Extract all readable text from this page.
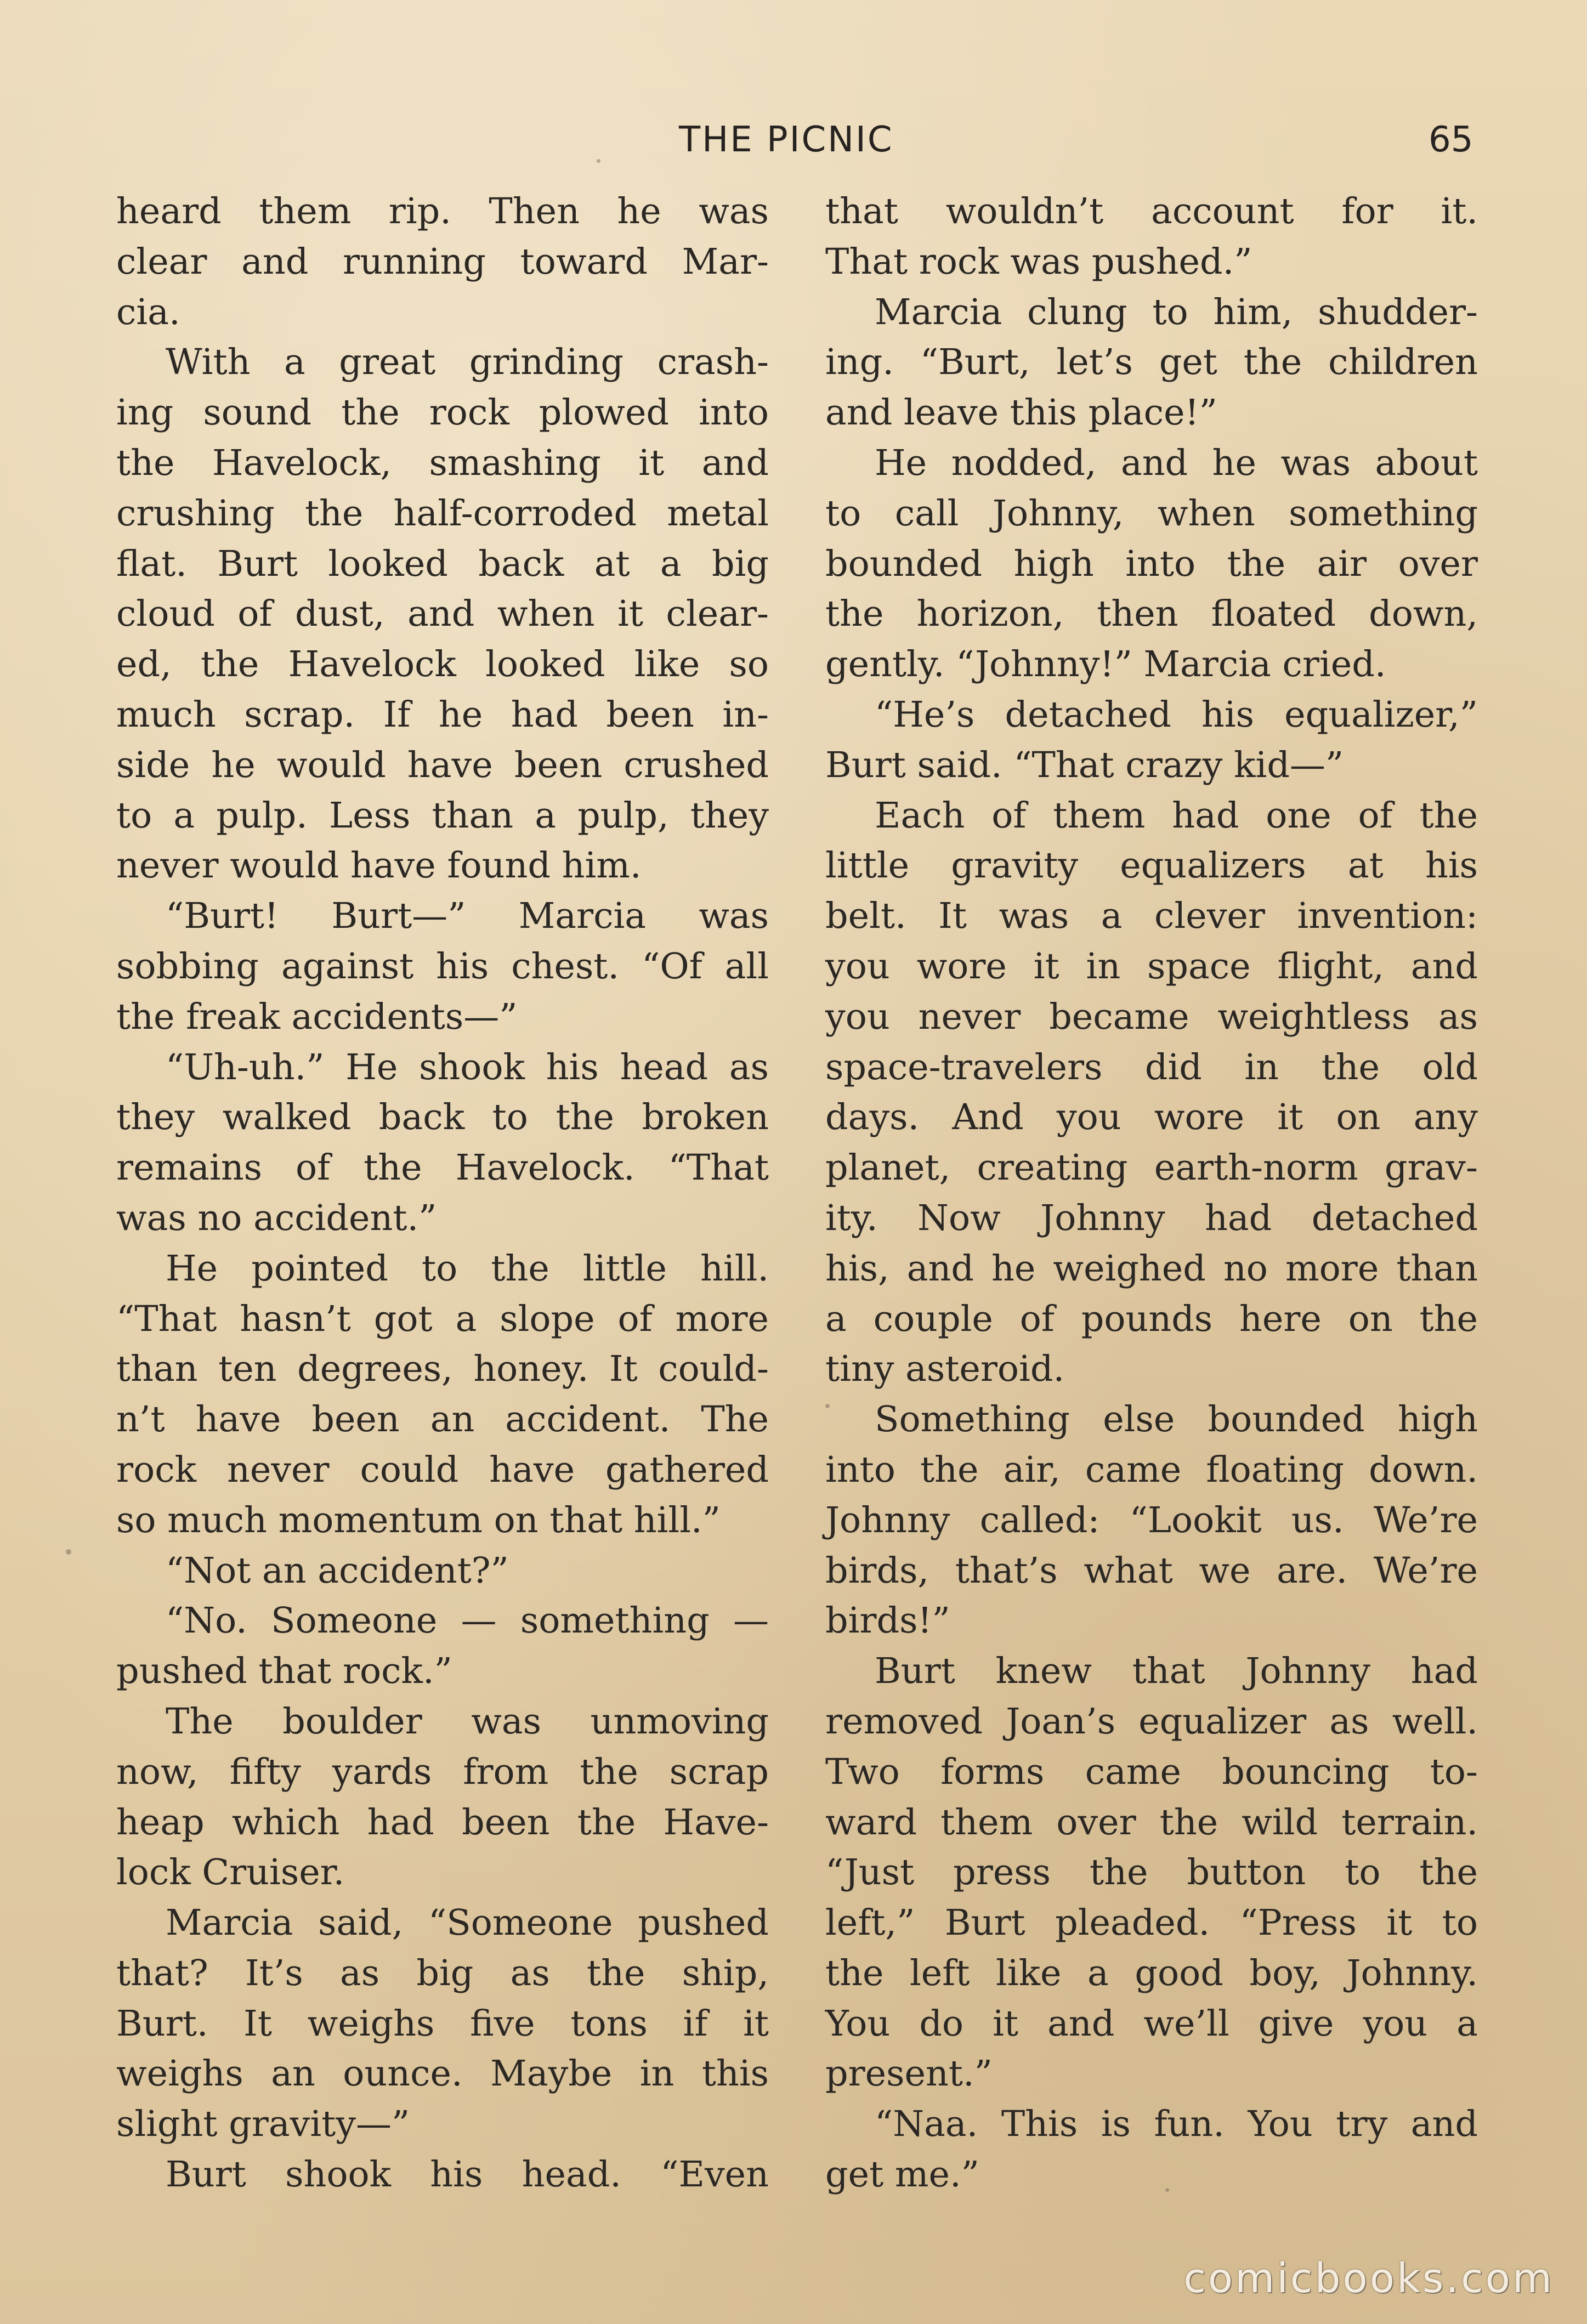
THE PICNIC	65
heard them rip. Then he was
clear and running toward Mar-
cia.
With a great grinding crash-
ing sound the rock plowed into
the Havelock, smashing it and
crushing the half-corroded metal
flat. Burt looked back at a big
cloud of dust, and when it clear-
ed, the Havelock looked like so
much scrap. If he had been in-
side he would have been crushed
to a pulp. Less than a pulp, they
never would have found him.
“Burt! Burt—” Marcia was
sobbing against his chest. “Of all
the freak accidents—”
“Uh-uh.” He shook his head as
they walked back to the broken
remains of the Havelock. “That
was no accident.”
He pointed to the little hill.
“That hasn’t got a slope of more
than ten degrees, honey. It could-
n’t have been an accident. The
rock never could have gathered
so much momentum on that hill.”
“Not an accident?”
“No. Someone — something —
pushed that rock.”
The boulder was unmoving
now, fifty yards from the scrap
heap which had been the Have-
lock Cruiser.
Marcia said, “Someone pushed
that? It’s as big as the ship,
Burt. It weighs five tons if it
weighs an ounce. Maybe in this
slight gravity—”
Burt shook his head. “Even
that wouldn’t account for it.
That rock was pushed.”
Marcia clung to him, shudder-
ing. “Burt, let’s get the children
and leave this place!”
He nodded, and he was about
to call Johnny, when something
bounded high into the air over
the horizon, then floated down,
gently. “Johnny!” Marcia cried.
“He’s detached his equalizer,”
Burt said. “That crazy kid—”
Each of them had one of the
little gravity equalizers at his
belt. It was a clever invention:
you wore it in space flight, and
you never became weightless as
space-travelers did in the old
days. And you wore it on any
planet, creating earth-norm grav-
ity. Now Johnny had detached
his, and he weighed no more than
a couple of pounds here on the
tiny asteroid.
Something else bounded high
into the air, came floating down.
Johnny called: “Lookit us. We’re
birds, that’s what we are. We’re
birds!”
Burt knew that Johnny had
removed Joan’s equalizer as well.
Two forms came bouncing to-
ward them over the wild terrain.
“Just press the button to the
left,” Burt pleaded. “Press it to
the left like a good boy, Johnny.
You do it and we’ll give you a
present.”
“Naa. This is fun. You try and
get me.”
comicbooks.com
